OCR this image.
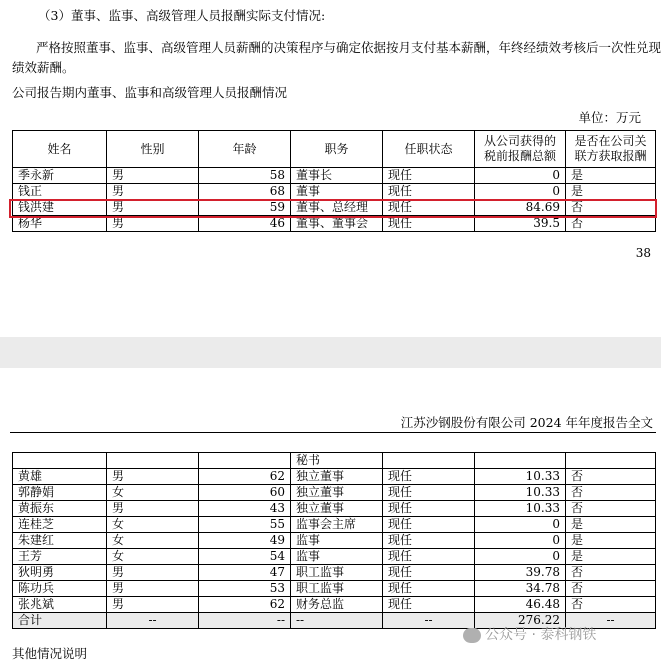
（3）董事、监事、高级管理人员报酬实际支付情况:
严格按照董事、监事、高级管理人员薪酬的决策程序与确定依据按月支付基本薪酬，年终经绩效考核后一次性兑现
绩效薪酬。
公司报告期内董事、监事和高级管理人员报酬情况
单位：万元
姓名	性别	年龄	职务	任职状态	从公司获得的税前报酬总额	是否在公司关联方获取报酬
季永新	男	58	董事长	现任	0	是
钱正	男	68	董事	现任	0	是
钱洪建	男	59	董事、总经理	现任	84.69	否
杨华	男	46	董事、董事会	现任	39.5	否
38
江苏沙钢股份有限公司 2024 年年度报告全文
			秘书			
黄雄	男	62	独立董事	现任	10.33	否
郭静娟	女	60	独立董事	现任	10.33	否
黄振东	男	43	独立董事	现任	10.33	否
连桂芝	女	55	监事会主席	现任	0	是
朱建红	女	49	监事	现任	0	是
王芳	女	54	监事	现任	0	是
狄明勇	男	47	职工监事	现任	39.78	否
陈功兵	男	53	职工监事	现任	34.78	否
张兆斌	男	62	财务总监	现任	46.48	否
合计	--	--	--	--	276.22	--
其他情况说明
公众号 · 泰科钢铁
